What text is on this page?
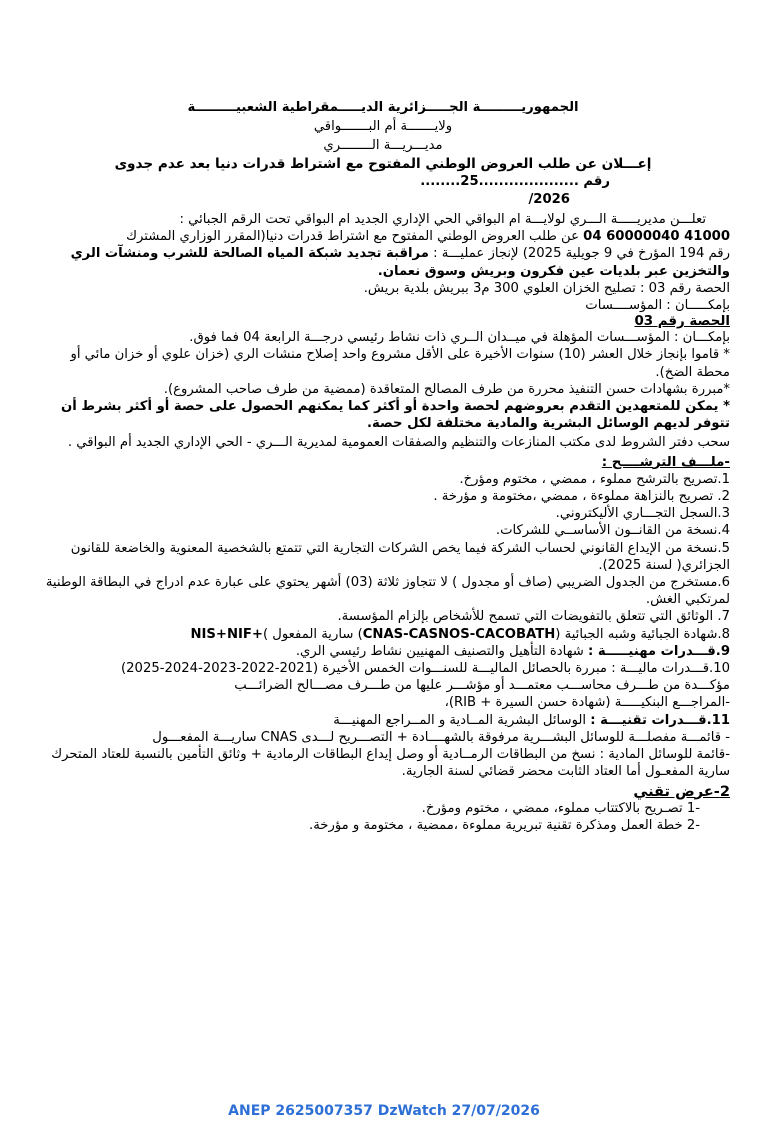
الجمهوريـــــــــة الجـــــزائرية الديـــــمقراطية الشعبيـــــــــة
ولايـــــــة أم البـــــــواقي
مديـــريـــة الــــــــري
إعـــلان عن طلب العروض الوطني المفتوح مع اشتراط قدرات دنيا بعد عدم جدوى
رقم ....................25........
2026/

تعلـــن مديريـــــة الـــري لولايـــة ام البواقي الحي الإداري الجديد ام البواقي تحت الرقم الجبائي :

04 60000040 41000 عن طلب العروض الوطني المفتوح مع اشتراط قدرات دنيا(المقرر الوزاري المشترك

رقم 194 المؤرخ في 9 جويلية 2025) لإنجاز عمليـــة : مراقبة تجديد شبكة المياه الصالحة للشرب ومنشآت الري

والتخزين عبر بلديات عين فكرون وبريش وسوق نعمان.

الحصة رقم 03 : تصليح الخزان العلوي 300 م3 ببريش بلدية بريش.

بإمكـــــان : المؤســــسات

الحصة رقم 03

بإمكـــان : المؤســـسات المؤهلة في ميــدان الــري ذات نشاط رئيسي درجـــة الرابعة 04 فما فوق.

* قاموا بإنجاز خلال العشر (10) سنوات الأخيرة على الأقل مشروع واحد إصلاح منشات الري (خزان علوي أو خزان مائي أو محطة الضخ).

*مبررة بشهادات حسن التنفيذ محررة من طرف المصالح المتعاقدة (ممضية من طرف صاحب المشروع).

* يمكن للمتعهدين التقدم بعروضهم لحصة واحدة أو أكثر كما يمكنهم الحصول على حصة أو أكثر بشرط أن تتوفر لديهم الوسائل البشرية والمادية مختلفة لكل حصة.

سحب دفتر الشروط لدى مكتب المنازعات والتنظيم والصفقات العمومية لمديرية الـــري - الحي الإداري الجديد أم البواقي .

-ملـــف الترشــــح :

1.تصريح بالترشح مملوء ، ممضي ، مختوم ومؤرخ.

2. تصريح بالنزاهة مملوءة ، ممضي ،مختومة و مؤرخة .

3.السجل التجـــاري الأليكتروني.

4.نسخة من القانــون الأساســي للشركات.

5.نسخة من الإيداع القانوني لحساب الشركة فيما يخص الشركات التجارية التي تتمتع بالشخصية المعنوية والخاضعة للقانون الجزائري( لسنة 2025).

6.مستخرج من الجدول الضريبي (صاف أو مجدول ) لا تتجاوز ثلاثة (03) أشهر يحتوي على عبارة عدم ادراج في البطاقة الوطنية لمرتكبي الغش.

7. الوثائق التي تتعلق بالتفويضات التي تسمح للأشخاص بإلزام المؤسسة.

8.شهادة الجبائية وشبه الجبائية (CNAS-CASNOS-CACOBATH) سارية المفعول )NIS+NIF+

9.قـــدرات مهنيـــــة : شهادة التأهيل والتصنيف المهنيين نشاط رئيسي الري.

10.قـــدرات ماليـــة : مبررة بالحصائل الماليـــة للسنـــوات الخمس الأخيرة (2021-2022-2023-2024-2025)

مؤكـــدة من طـــرف محاســـب معتمـــد أو مؤشـــر عليها من طـــرف مصـــالح الضرائـــب

-المراجـــع البنكيـــــة (شهادة حسن السيرة + RIB)،

11.قـــدرات تقنيـــة : الوسائل البشرية المــادية و المــراجع المهنيـــة

- قائمـــة مفصلـــة للوسائل البشـــرية مرفوقة بالشهــــادة + التصـــريح لـــدى CNAS ساريـــة المفعـــول

-قائمة للوسائل المادية : نسخ من البطاقات الرمــادية أو وصل إيداع البطاقات الرمادية + وثائق التأمين بالنسبة للعتاد المتحرك سارية المفعـول أما العتاد الثابت محضر قضائي لسنة الجارية.

2-عرض تقني

-1 تصـريح بالاكتتاب مملوء، ممضي ، مختوم ومؤرخ.

-2 خطة العمل ومذكرة تقنية تبريرية مملوءة ،ممضية ، مختومة و مؤرخة.

ANEP 2625007357 DzWatch 27/07/2026
